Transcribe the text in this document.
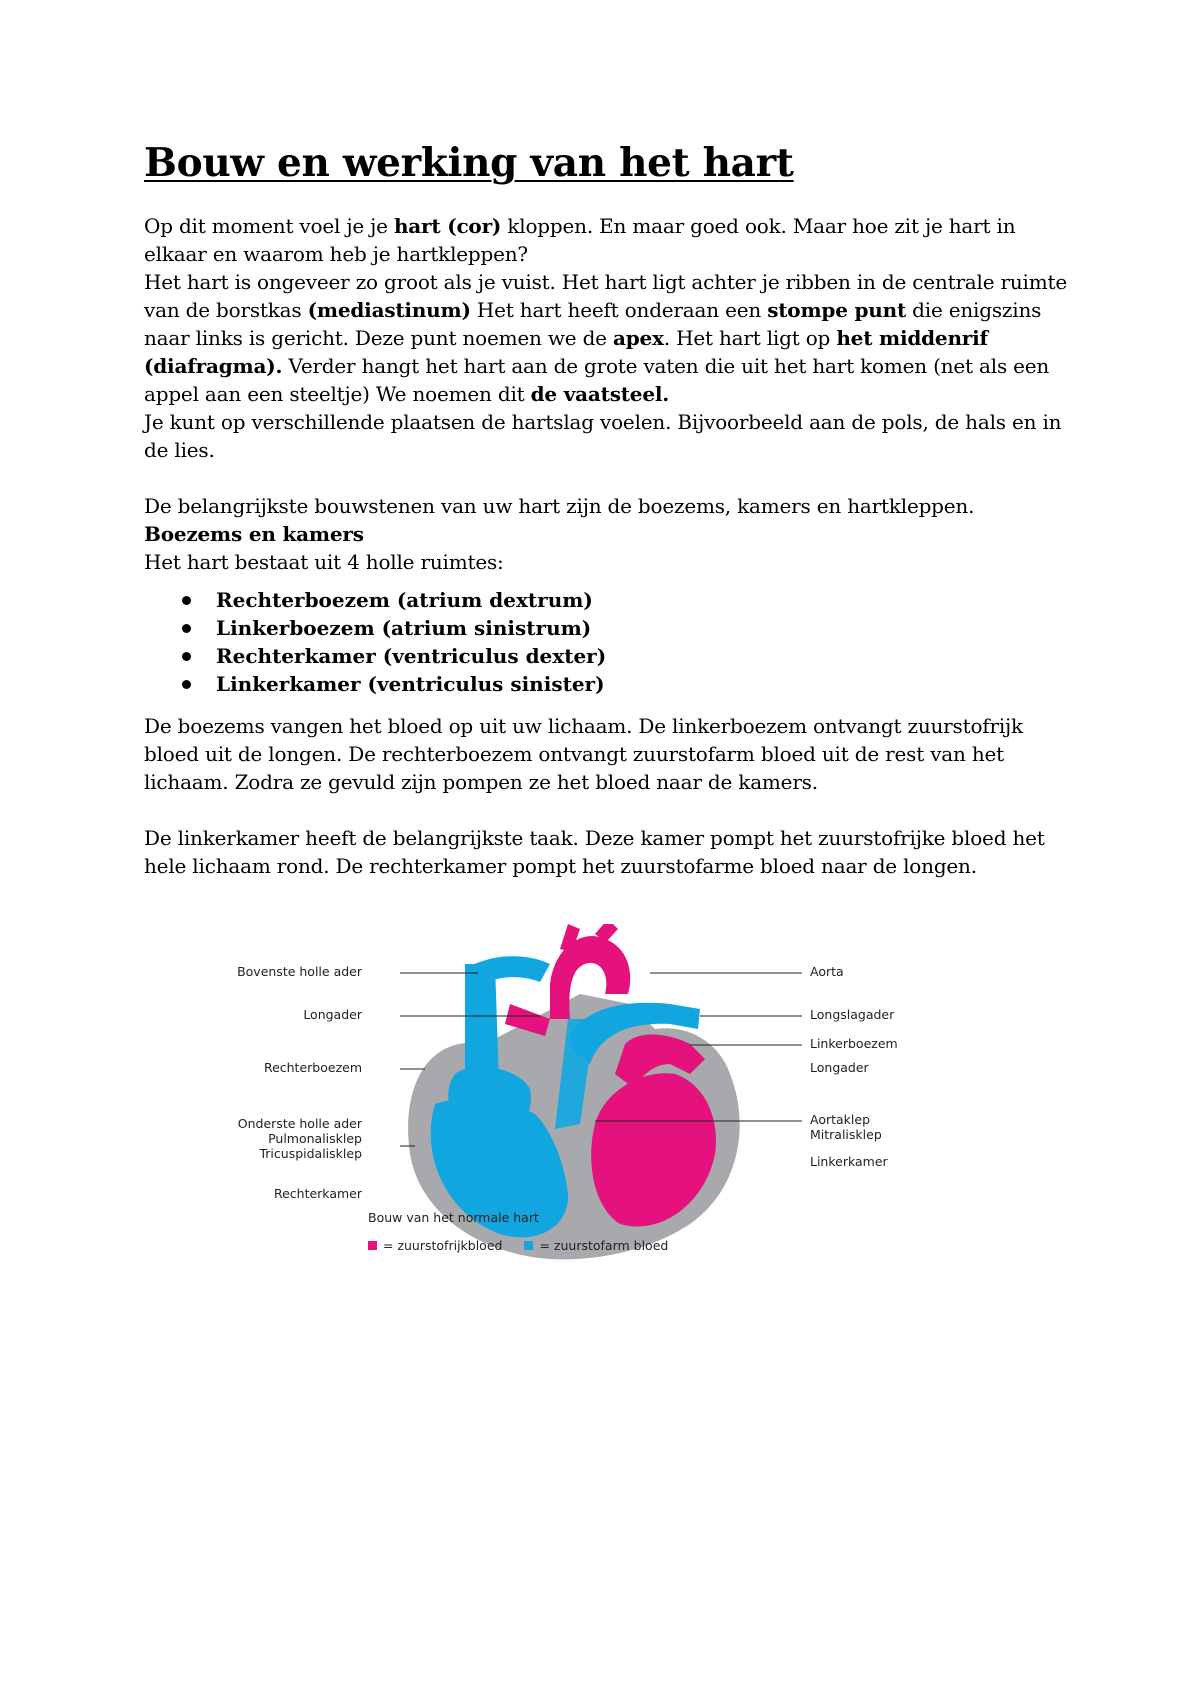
Bouw en werking van het hart

Op dit moment voel je je hart (cor) kloppen. En maar goed ook. Maar hoe zit je hart in elkaar en waarom heb je hartkleppen?

Het hart is ongeveer zo groot als je vuist. Het hart ligt achter je ribben in de centrale ruimte van de borstkas (mediastinum) Het hart heeft onderaan een stompe punt die enigszins naar links is gericht. Deze punt noemen we de apex. Het hart ligt op het middenrif (diafragma). Verder hangt het hart aan de grote vaten die uit het hart komen (net als een appel aan een steeltje) We noemen dit de vaatsteel.

Je kunt op verschillende plaatsen de hartslag voelen. Bijvoorbeeld aan de pols, de hals en in de lies.

De belangrijkste bouwstenen van uw hart zijn de boezems, kamers en hartkleppen.

Boezems en kamers

Het hart bestaat uit 4 holle ruimtes:

Rechterboezem (atrium dextrum)
Linkerboezem (atrium sinistrum)
Rechterkamer (ventriculus dexter)
Linkerkamer (ventriculus sinister)

De boezems vangen het bloed op uit uw lichaam. De linkerboezem ontvangt zuurstofrijk bloed uit de longen. De rechterboezem ontvangt zuurstofarm bloed uit de rest van het lichaam. Zodra ze gevuld zijn pompen ze het bloed naar de kamers.

De linkerkamer heeft de belangrijkste taak. Deze kamer pompt het zuurstofrijke bloed het hele lichaam rond. De rechterkamer pompt het zuurstofarme bloed naar de longen.

Bovenste holle ader
Longader
Rechterboezem
Onderste holle ader
Pulmonalisklep
Tricuspidalisklep
Rechterkamer
Aorta
Longslagader
Linkerboezem
Longader
Aortaklep
Mitralisklep
Linkerkamer
Bouw van het normale hart
= zuurstofrijkbloed	= zuurstofarm bloed
